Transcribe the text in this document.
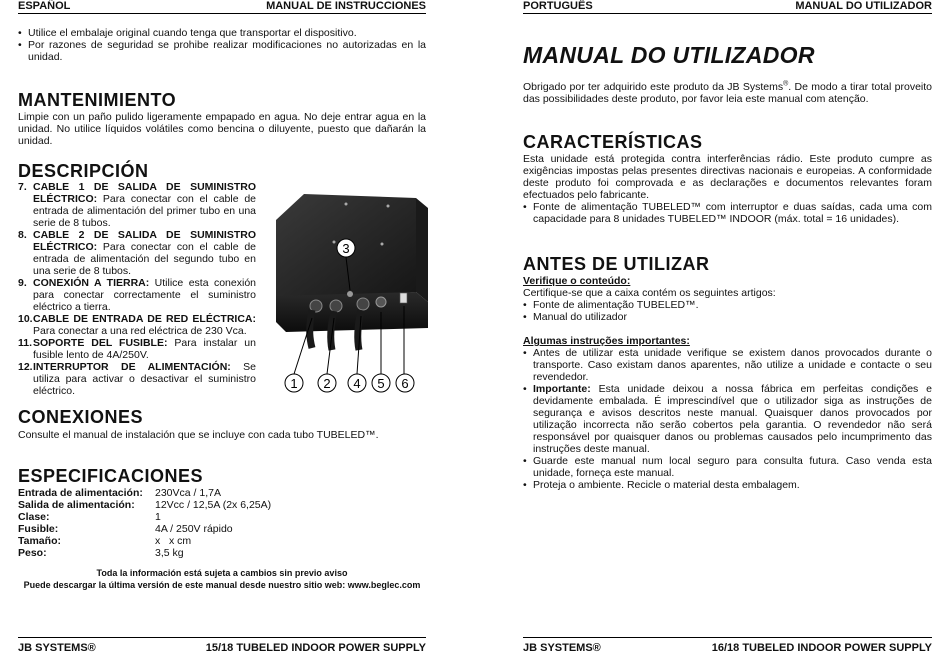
ESPAÑOL	MANUAL DE INSTRUCCIONES
• Utilice el embalaje original cuando tenga que transportar el dispositivo.
• Por razones de seguridad se prohibe realizar modificaciones no autorizadas en la unidad.
MANTENIMIENTO
Limpie con un paño pulido ligeramente empapado en agua. No deje entrar agua en la unidad. No utilice líquidos volátiles como bencina o diluyente, puesto que dañarán la unidad.
DESCRIPCIÓN
7. CABLE 1 DE SALIDA DE SUMINISTRO ELÉCTRICO: Para conectar con el cable de entrada de alimentación del primer tubo en una serie de 8 tubos.
8. CABLE 2 DE SALIDA DE SUMINISTRO ELÉCTRICO: Para conectar con el cable de entrada de alimentación del segundo tubo en una serie de 8 tubos.
9. CONEXIÓN A TIERRA: Utilice esta conexión para conectar correctamente el suministro eléctrico a tierra.
10. CABLE DE ENTRADA DE RED ELÉCTRICA: Para conectar a una red eléctrica de 230 Vca.
11. SOPORTE DEL FUSIBLE: Para instalar un fusible lento de 4A/250V.
12. INTERRUPTOR DE ALIMENTACIÓN: Se utiliza para activar o desactivar el suministro eléctrico.
3
1 2 4 5 6
CONEXIONES
Consulte el manual de instalación que se incluye con cada tubo TUBELED™.
ESPECIFICACIONES
Entrada de alimentación:	230Vca / 1,7A
Salida de alimentación:	12Vcc / 12,5A (2x 6,25A)
Clase:	1
Fusible:	4A / 250V rápido
Tamaño:	x   x cm
Peso:	3,5 kg
Toda la información está sujeta a cambios sin previo aviso
Puede descargar la última versión de este manual desde nuestro sitio web: www.beglec.com
JB SYSTEMS®	15/18 TUBELED INDOOR POWER SUPPLY
PORTUGUÊS	MANUAL DO UTILIZADOR
MANUAL DO UTILIZADOR
Obrigado por ter adquirido este produto da JB Systems®. De modo a tirar total proveito das possibilidades deste produto, por favor leia este manual com atenção.
CARACTERÍSTICAS
Esta unidade está protegida contra interferências rádio. Este produto cumpre as exigências impostas pelas presentes directivas nacionais e europeias. A conformidade deste produto foi comprovada e as declarações e documentos relevantes foram efectuados pelo fabricante.
• Fonte de alimentação TUBELED™ com interruptor e duas saídas, cada uma com capacidade para 8 unidades TUBELED™ INDOOR (máx. total = 16 unidades).
ANTES DE UTILIZAR
Verifique o conteúdo:
Certifique-se que a caixa contém os seguintes artigos:
• Fonte de alimentação TUBELED™.
• Manual do utilizador
Algumas instruções importantes:
• Antes de utilizar esta unidade verifique se existem danos provocados durante o transporte. Caso existam danos aparentes, não utilize a unidade e contacte o seu revendedor.
• Importante: Esta unidade deixou a nossa fábrica em perfeitas condições e devidamente embalada. É imprescindível que o utilizador siga as instruções de segurança e avisos descritos neste manual. Quaisquer danos provocados por utilização incorrecta não serão cobertos pela garantia. O revendedor não será responsável por quaisquer danos ou problemas causados pelo incumprimento das instruções deste manual.
• Guarde este manual num local seguro para consulta futura. Caso venda esta unidade, forneça este manual.
• Proteja o ambiente. Recicle o material desta embalagem.
JB SYSTEMS®	16/18 TUBELED INDOOR POWER SUPPLY
